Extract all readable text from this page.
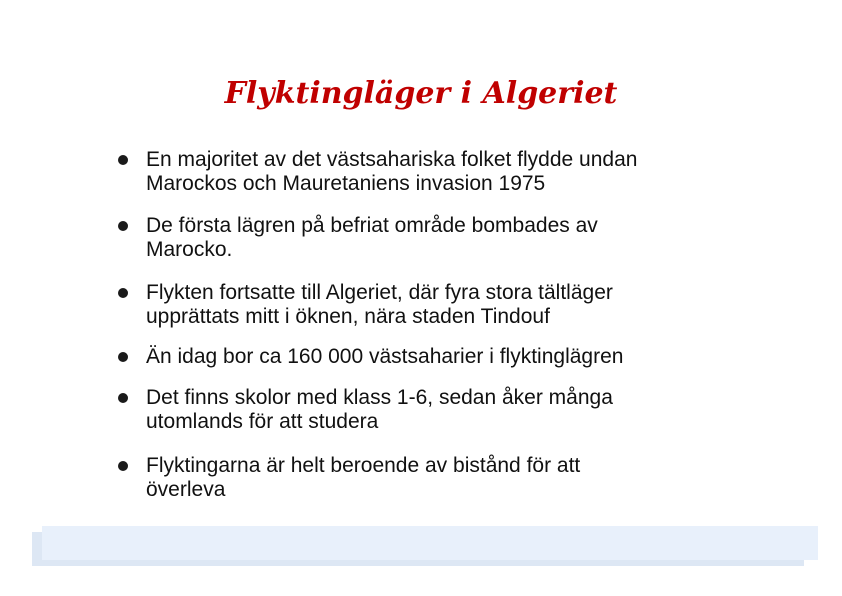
Flyktingläger i Algeriet
En majoritet av det västsahariska folket flydde undan
Marockos och Mauretaniens invasion 1975
De första lägren på befriat område bombades av
Marocko.
Flykten fortsatte till Algeriet, där fyra stora tältläger
upprättats mitt i öknen, nära staden Tindouf
Än idag bor ca 160 000 västsaharier i flyktinglägren
Det finns skolor med klass 1-6, sedan åker många
utomlands för att studera
Flyktingarna är helt beroende av bistånd för att
överleva
